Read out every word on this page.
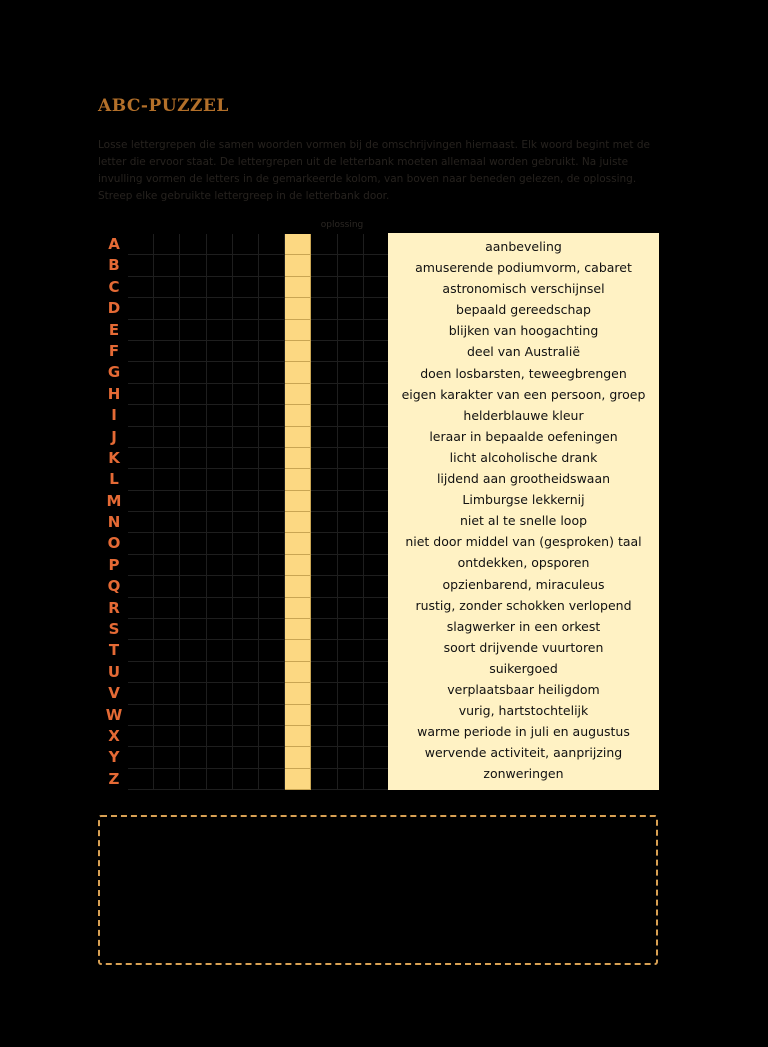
ABC-PUZZEL
Losse lettergrepen die samen woorden vormen bij de omschrijvingen hiernaast. Elk woord begint met de
letter die ervoor staat. De lettergrepen uit de letterbank moeten allemaal worden gebruikt. Na juiste
invulling vormen de letters in de gemarkeerde kolom, van boven naar beneden gelezen, de oplossing.
Streep elke gebruikte lettergreep in de letterbank door.
oplossing
A
B
C
D
E
F
G
H
I
J
K
L
M
N
O
P
Q
R
S
T
U
V
W
X
Y
Z
aanbeveling
amuserende podiumvorm, cabaret
astronomisch verschijnsel
bepaald gereedschap
blijken van hoogachting
deel van Australië
doen losbarsten, teweegbrengen
eigen karakter van een persoon, groep
helderblauwe kleur
leraar in bepaalde oefeningen
licht alcoholische drank
lijdend aan grootheidswaan
Limburgse lekkernij
niet al te snelle loop
niet door middel van (gesproken) taal
ontdekken, opsporen
opzienbarend, miraculeus
rustig, zonder schokken verlopend
slagwerker in een orkest
soort drijvende vuurtoren
suikergoed
verplaatsbaar heiligdom
vurig, hartstochtelijk
warme periode in juli en augustus
wervende activiteit, aanprijzing
zonweringen
